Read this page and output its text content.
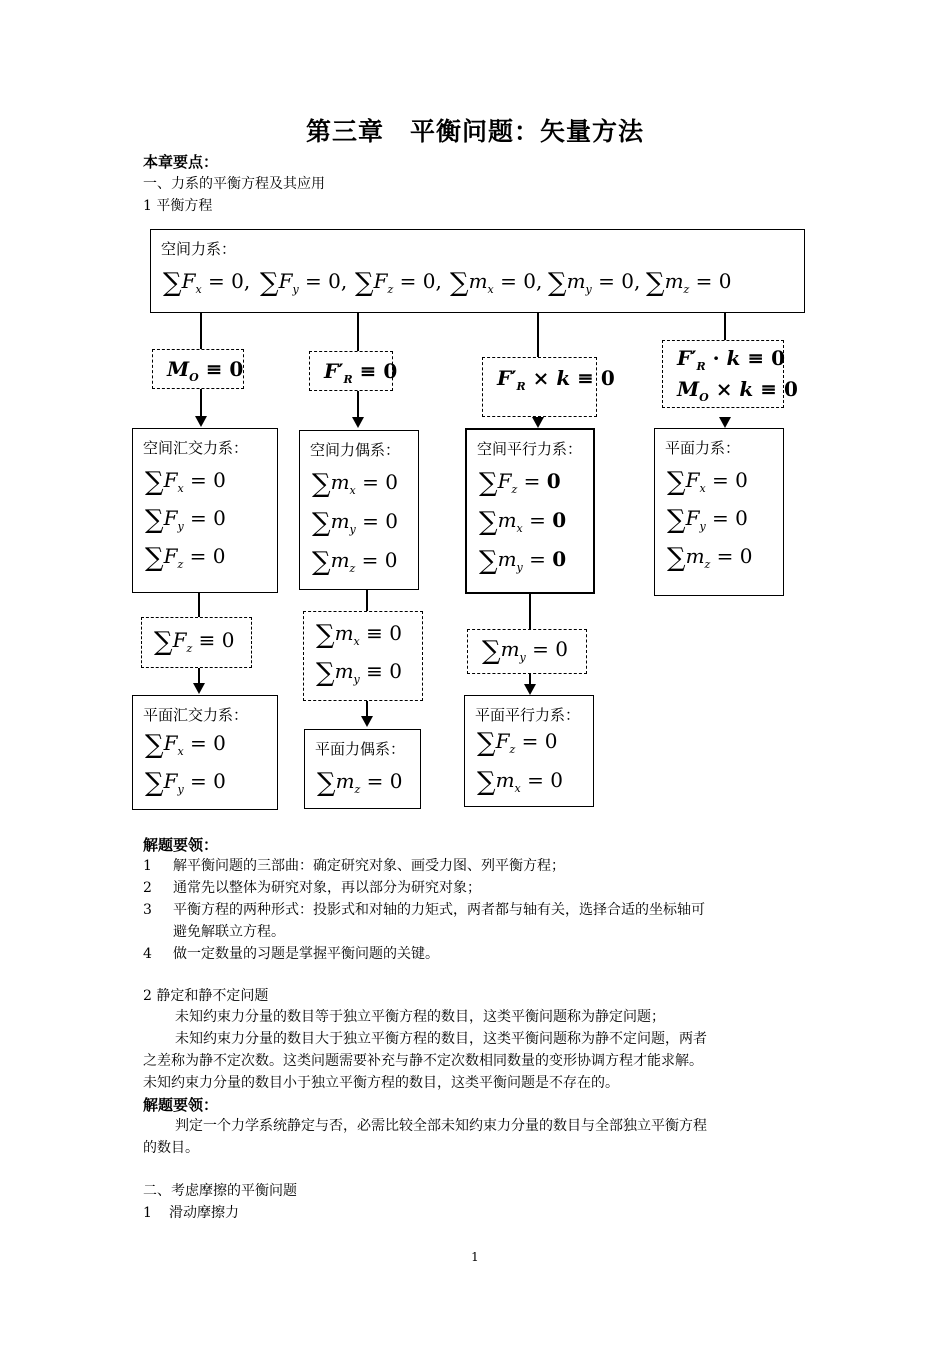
第三章　平衡问题：矢量方法
本章要点：
一、力系的平衡方程及其应用
1 平衡方程
空间力系：
$\sum F_x = 0$, $\sum F_y = 0$, $\sum F_z = 0$, $\sum m_x = 0$, $\sum m_y = 0$, $\sum m_z = 0$
$M_O \equiv 0$	$F'_R \equiv 0$	$F'_R \times k \equiv 0$
$F'_R \cdot k \equiv 0$
$M_O \times k \equiv 0$
空间汇交力系：
$\sum F_x = 0$
$\sum F_y = 0$
$\sum F_z = 0$
空间力偶系：
$\sum m_x = 0$
$\sum m_y = 0$
$\sum m_z = 0$
空间平行力系：
$\sum F_z = 0$
$\sum m_x = 0$
$\sum m_y = 0$
平面力系：
$\sum F_x = 0$
$\sum F_y = 0$
$\sum m_z = 0$
$\sum F_z \equiv 0$	$\sum m_x \equiv 0$
$\sum m_y \equiv 0$
$\sum m_y = 0$
平面汇交力系：
$\sum F_x = 0$
$\sum F_y = 0$
平面力偶系：
$\sum m_z = 0$
平面平行力系：
$\sum F_z = 0$
$\sum m_x = 0$
解题要领：
1 解平衡问题的三部曲：确定研究对象、画受力图、列平衡方程；
2 通常先以整体为研究对象，再以部分为研究对象；
3 平衡方程的两种形式：投影式和对轴的力矩式，两者都与轴有关，选择合适的坐标轴可
避免解联立方程。
4 做一定数量的习题是掌握平衡问题的关键。
2 静定和静不定问题
未知约束力分量的数目等于独立平衡方程的数目，这类平衡问题称为静定问题；
未知约束力分量的数目大于独立平衡方程的数目，这类平衡问题称为静不定问题，两者
之差称为静不定次数。这类问题需要补充与静不定次数相同数量的变形协调方程才能求解。
未知约束力分量的数目小于独立平衡方程的数目，这类平衡问题是不存在的。
解题要领：
判定一个力学系统静定与否，必需比较全部未知约束力分量的数目与全部独立平衡方程
的数目。
二、考虑摩擦的平衡问题
1 滑动摩擦力
1
